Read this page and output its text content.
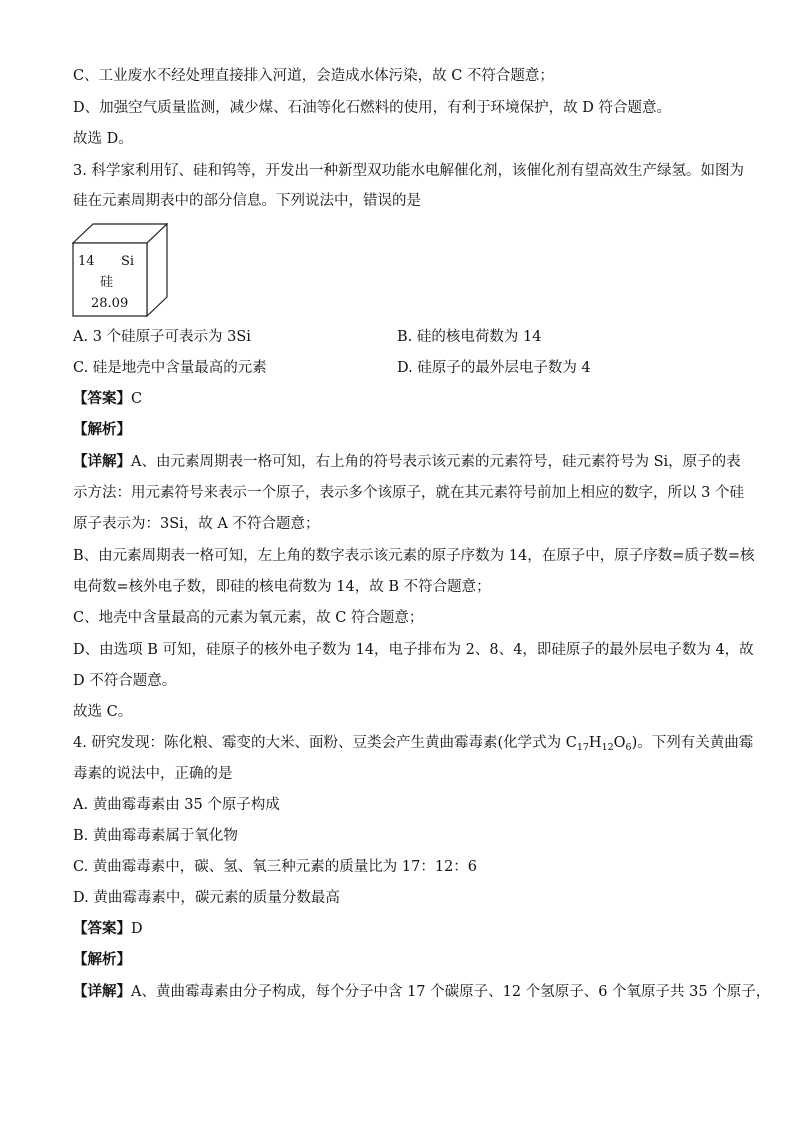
C、工业废水不经处理直接排入河道，会造成水体污染，故 C 不符合题意；
D、加强空气质量监测，减少煤、石油等化石燃料的使用，有利于环境保护，故 D 符合题意。
故选 D。
3. 科学家利用钌、硅和钨等，开发出一种新型双功能水电解催化剂，该催化剂有望高效生产绿氢。如图为
硅在元素周期表中的部分信息。下列说法中，错误的是
14 Si
硅
28.09
A. 3 个硅原子可表示为 3Si	B. 硅的核电荷数为 14
C. 硅是地壳中含量最高的元素	D. 硅原子的最外层电子数为 4
【答案】C
【解析】
【详解】A、由元素周期表一格可知，右上角的符号表示该元素的元素符号，硅元素符号为 Si，原子的表
示方法：用元素符号来表示一个原子，表示多个该原子，就在其元素符号前加上相应的数字，所以 3 个硅
原子表示为：3Si，故 A 不符合题意；
B、由元素周期表一格可知，左上角的数字表示该元素的原子序数为 14，在原子中，原子序数=质子数=核
电荷数=核外电子数，即硅的核电荷数为 14，故 B 不符合题意；
C、地壳中含量最高的元素为氧元素，故 C 符合题意；
D、由选项 B 可知，硅原子的核外电子数为 14，电子排布为 2、8、4，即硅原子的最外层电子数为 4，故
D 不符合题意。
故选 C。
4. 研究发现：陈化粮、霉变的大米、面粉、豆类会产生黄曲霉毒素(化学式为 $C_{17}H_{12}O_6$)。下列有关黄曲霉
毒素的说法中，正确的是
A. 黄曲霉毒素由 35 个原子构成
B. 黄曲霉毒素属于氧化物
C. 黄曲霉毒素中，碳、氢、氧三种元素的质量比为 17：12：6
D. 黄曲霉毒素中，碳元素的质量分数最高
【答案】D
【解析】
【详解】A、黄曲霉毒素由分子构成，每个分子中含 17 个碳原子、12 个氢原子、6 个氧原子共 35 个原子，
